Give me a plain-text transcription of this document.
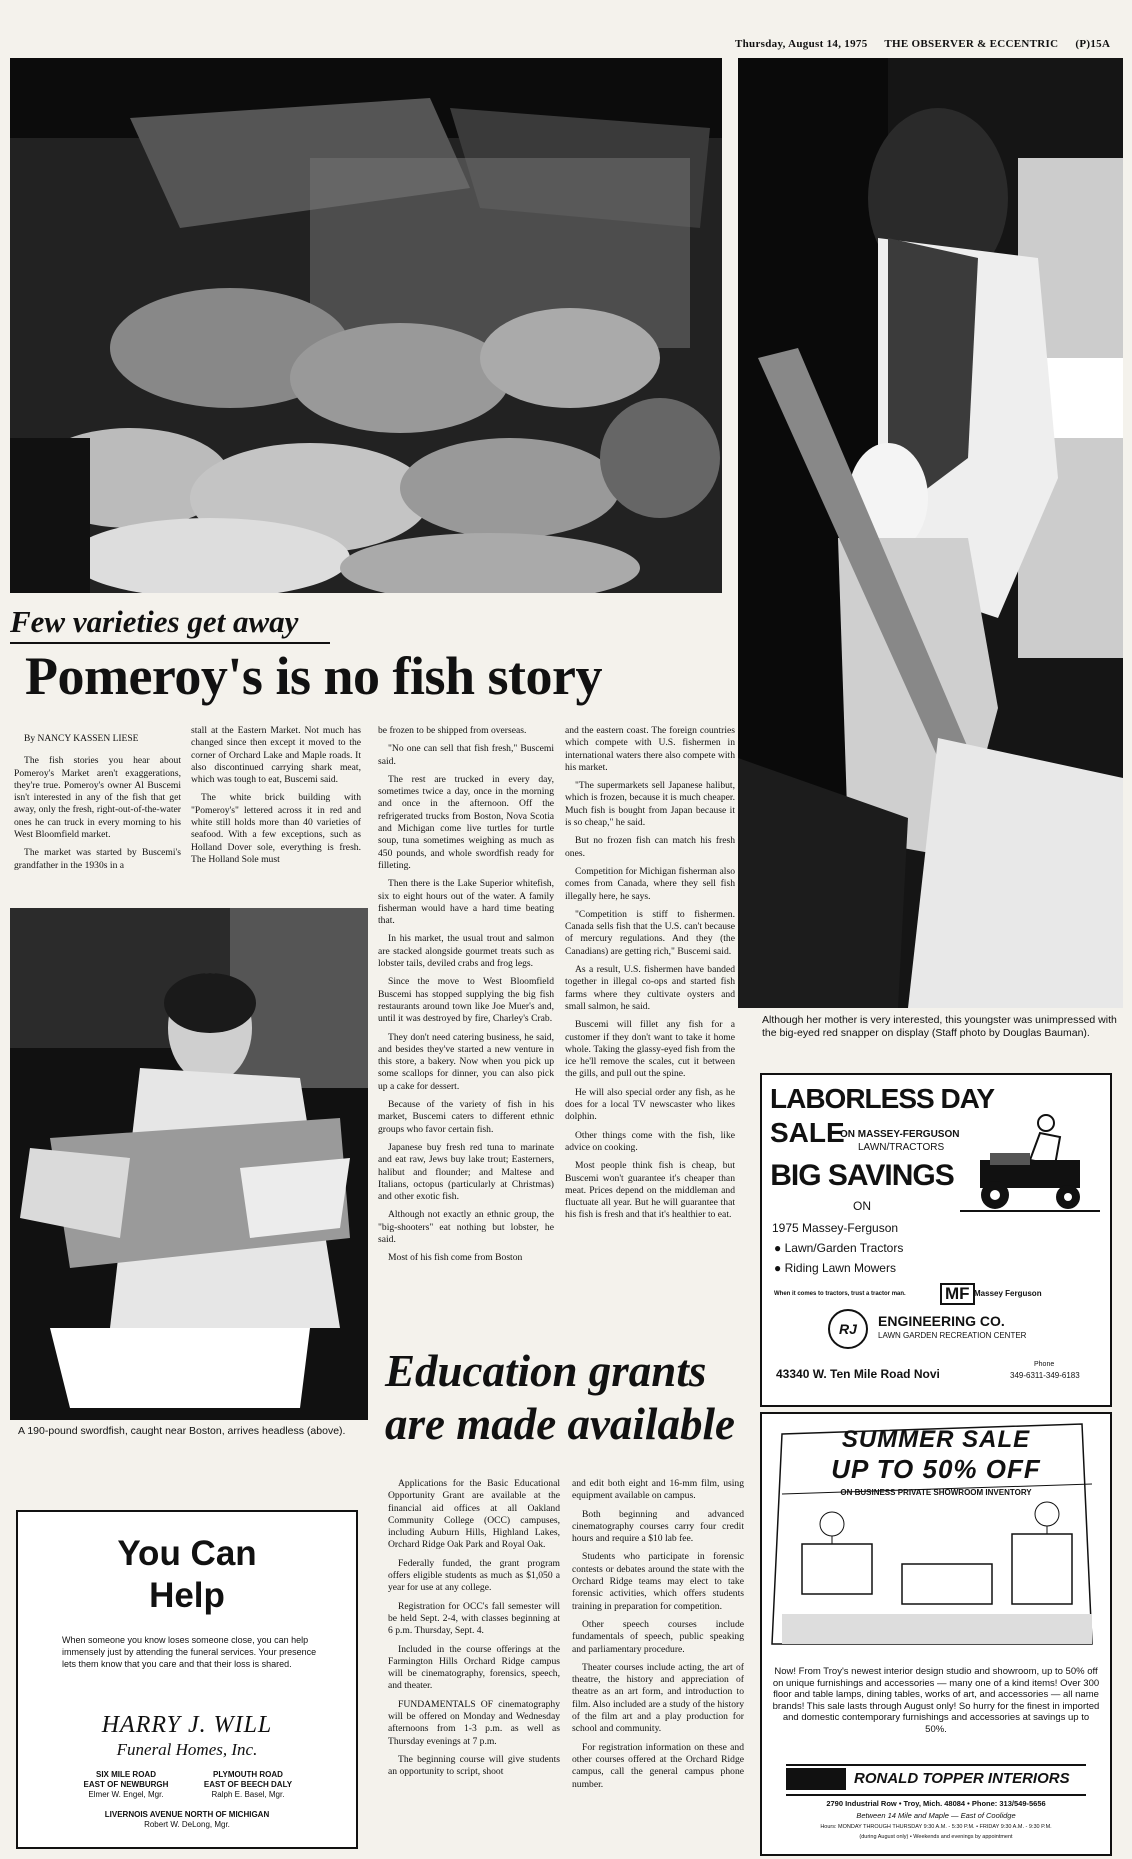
Thursday, August 14, 1975 THE OBSERVER & ECCENTRIC (P)15A
Although her mother is very interested, this youngster was unimpressed with the big-eyed red snapper on display (Staff photo by Douglas Bauman).
Few varieties get away
Pomeroy's is no fish story

By NANCY KASSEN LIESE

The fish stories you hear about Pomeroy's Market aren't exaggerations, they're true. Pomeroy's owner Al Buscemi isn't interested in any of the fish that get away, only the fresh, right-out-of-the-water ones he can truck in every morning to his West Bloomfield market.

The market was started by Buscemi's grandfather in the 1930s in a

stall at the Eastern Market. Not much has changed since then except it moved to the corner of Orchard Lake and Maple roads. It also discontinued carrying shark meat, which was tough to eat, Buscemi said.

The white brick building with "Pomeroy's" lettered across it in red and white still holds more than 40 varieties of seafood. With a few exceptions, such as Holland Dover sole, everything is fresh. The Holland Sole must

be frozen to be shipped from overseas.

"No one can sell that fish fresh," Buscemi said.

The rest are trucked in every day, sometimes twice a day, once in the morning and once in the afternoon. Off the refrigerated trucks from Boston, Nova Scotia and Michigan come live turtles for turtle soup, tuna sometimes weighing as much as 450 pounds, and whole swordfish ready for filleting.

Then there is the Lake Superior whitefish, six to eight hours out of the water. A family fisherman would have a hard time beating that.

In his market, the usual trout and salmon are stacked alongside gourmet treats such as lobster tails, deviled crabs and frog legs.

Since the move to West Bloomfield Buscemi has stopped supplying the big fish restaurants around town like Joe Muer's and, until it was destroyed by fire, Charley's Crab.

They don't need catering business, he said, and besides they've started a new venture in this store, a bakery. Now when you pick up some scallops for dinner, you can also pick up a cake for dessert.

Because of the variety of fish in his market, Buscemi caters to different ethnic groups who favor certain fish.

Japanese buy fresh red tuna to marinate and eat raw, Jews buy lake trout; Easterners, halibut and flounder; and Maltese and Italians, octopus (particularly at Christmas) and other exotic fish.

Although not exactly an ethnic group, the "big-shooters" eat nothing but lobster, he said.

Most of his fish come from Boston

and the eastern coast. The foreign countries which compete with U.S. fishermen in international waters there also compete with his market.

"The supermarkets sell Japanese halibut, which is frozen, because it is much cheaper. Much fish is bought from Japan because it is so cheap," he said.

But no frozen fish can match his fresh ones.

Competition for Michigan fisherman also comes from Canada, where they sell fish illegally here, he says.

"Competition is stiff to fishermen. Canada sells fish that the U.S. can't because of mercury regulations. And they (the Canadians) are getting rich," Buscemi said.

As a result, U.S. fishermen have banded together in illegal co-ops and started fish farms where they cultivate oysters and small salmon, he said.

Buscemi will fillet any fish for a customer if they don't want to take it home whole. Taking the glassy-eyed fish from the ice he'll remove the scales, cut it between the gills, and pull out the spine.

He will also special order any fish, as he does for a local TV newscaster who likes dolphin.

Other things come with the fish, like advice on cooking.

Most people think fish is cheap, but Buscemi won't guarantee it's cheaper than meat. Prices depend on the middleman and fluctuate all year. But he will guarantee that his fish is fresh and that it's healthier to eat.

A 190-pound swordfish, caught near Boston, arrives headless (above).
Education grants are made available

Applications for the Basic Educational Opportunity Grant are available at the financial aid offices at all Oakland Community College (OCC) campuses, including Auburn Hills, Highland Lakes, Orchard Ridge Oak Park and Royal Oak.

Federally funded, the grant program offers eligible students as much as $1,050 a year for use at any college.

Registration for OCC's fall semester will be held Sept. 2-4, with classes beginning at 6 p.m. Thursday, Sept. 4.

Included in the course offerings at the Farmington Hills Orchard Ridge campus will be cinematography, forensics, speech, and theater.

FUNDAMENTALS OF cinematography will be offered on Monday and Wednesday afternoons from 1-3 p.m. as well as Thursday evenings at 7 p.m.

The beginning course will give students an opportunity to script, shoot

and edit both eight and 16-mm film, using equipment available on campus.

Both beginning and advanced cinematography courses carry four credit hours and require a $10 lab fee.

Students who participate in forensic contests or debates around the state with the Orchard Ridge teams may elect to take forensic activities, which offers students training in preparation for competition.

Other speech courses include fundamentals of speech, public speaking and parliamentary procedure.

Theater courses include acting, the art of theatre, the history and appreciation of theatre as an art form, and introduction to film. Also included are a study of the history of the film art and a play production for school and community.

For registration information on these and other courses offered at the Orchard Ridge campus, call the general campus phone number.

You Can
Help
When someone you know loses someone close, you can help immensely just by attending the funeral services. Your presence lets them know that you care and that their loss is shared.
HARRY J. WILL
Funeral Homes, Inc.
SIX MILE ROAD
EAST OF NEWBURGH
Elmer W. Engel, Mgr.
PLYMOUTH ROAD
EAST OF BEECH DALY
Ralph E. Basel, Mgr.
LIVERNOIS AVENUE NORTH OF MICHIGAN
Robert W. DeLong, Mgr.
LABORLESS DAY
SALE
ON MASSEY-FERGUSON
LAWN/TRACTORS
BIG SAVINGS
ON
1975 Massey-Ferguson
● Lawn/Garden Tractors
● Riding Lawn Mowers
When it comes to tractors, trust a tractor man. MF Massey Ferguson
RJ	ENGINEERING CO.
LAWN GARDEN RECREATION CENTER
43340 W. Ten Mile Road Novi
Phone
349-6311-349-6183
SUMMER SALE
UP TO 50% OFF
ON BUSINESS PRIVATE SHOWROOM INVENTORY
Now! From Troy's newest interior design studio and showroom, up to 50% off on unique furnishings and accessories — many one of a kind items! Over 300 floor and table lamps, dining tables, works of art, and accessories — all name brands! This sale lasts through August only! So hurry for the finest in imported and domestic contemporary furnishings and accessories at savings up to 50%.
RONALD TOPPER INTERIORS
2790 Industrial Row • Troy, Mich. 48084 • Phone: 313/549-5656
Between 14 Mile and Maple — East of Coolidge
Hours: MONDAY THROUGH THURSDAY 9:30 A.M. - 5:30 P.M. • FRIDAY 9:30 A.M. - 9:30 P.M.
(during August only) • Weekends and evenings by appointment
